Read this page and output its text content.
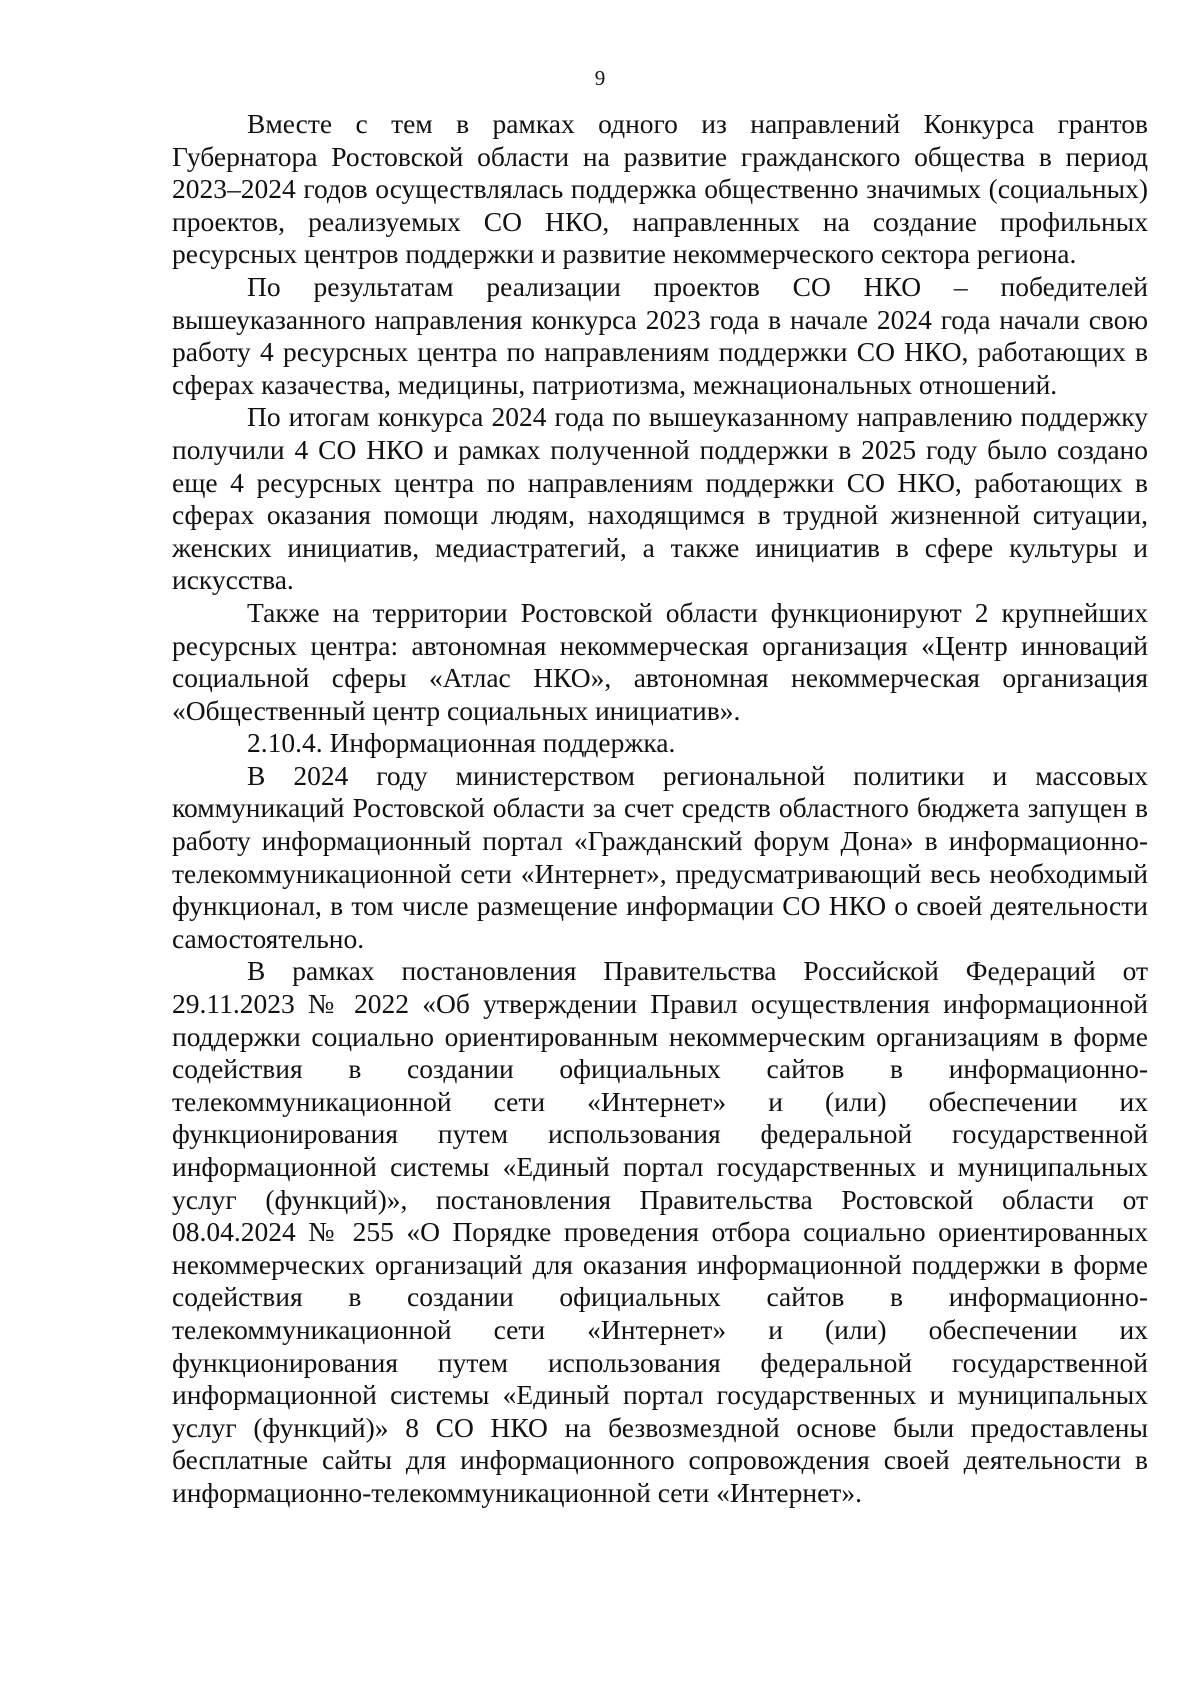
9

Вместе с тем в рамках одного из направлений Конкурса грантов Губернатора Ростовской области на развитие гражданского общества в период 2023–2024 годов осуществлялась поддержка общественно значимых (социальных) проектов, реализуемых СО НКО, направленных на создание профильных ресурсных центров поддержки и развитие некоммерческого сектора региона.

По результатам реализации проектов СО НКО – победителей вышеуказанного направления конкурса 2023 года в начале 2024 года начали свою работу 4 ресурсных центра по направлениям поддержки СО НКО, работающих в сферах казачества, медицины, патриотизма, межнациональных отношений.

По итогам конкурса 2024 года по вышеуказанному направлению поддержку получили 4 СО НКО и рамках полученной поддержки в 2025 году было создано еще 4 ресурсных центра по направлениям поддержки СО НКО, работающих в сферах оказания помощи людям, находящимся в трудной жизненной ситуации, женских инициатив, медиастратегий, а также инициатив в сфере культуры и искусства.

Также на территории Ростовской области функционируют 2 крупнейших ресурсных центра: автономная некоммерческая организация «Центр инноваций социальной сферы «Атлас НКО», автономная некоммерческая организация «Общественный центр социальных инициатив».

2.10.4. Информационная поддержка.

В 2024 году министерством региональной политики и массовых коммуникаций Ростовской области за счет средств областного бюджета запущен в работу информационный портал «Гражданский форум Дона» в информационно-телекоммуникационной сети «Интернет», предусматривающий весь необходимый функционал, в том числе размещение информации СО НКО о своей деятельности самостоятельно.

В рамках постановления Правительства Российской Федераций от 29.11.2023 № 2022 «Об утверждении Правил осуществления информационной поддержки социально ориентированным некоммерческим организациям в форме содействия в создании официальных сайтов в информационно-телекоммуникационной сети «Интернет» и (или) обеспечении их функционирования путем использования федеральной государственной информационной системы «Единый портал государственных и муниципальных услуг (функций)», постановления Правительства Ростовской области от 08.04.2024 № 255 «О Порядке проведения отбора социально ориентированных некоммерческих организаций для оказания информационной поддержки в форме содействия в создании официальных сайтов в информационно-телекоммуникационной сети «Интернет» и (или) обеспечении их функционирования путем использования федеральной государственной информационной системы «Единый портал государственных и муниципальных услуг (функций)» 8 СО НКО на безвозмездной основе были предоставлены бесплатные сайты для информационного сопровождения своей деятельности в информационно-телекоммуникационной сети «Интернет».
